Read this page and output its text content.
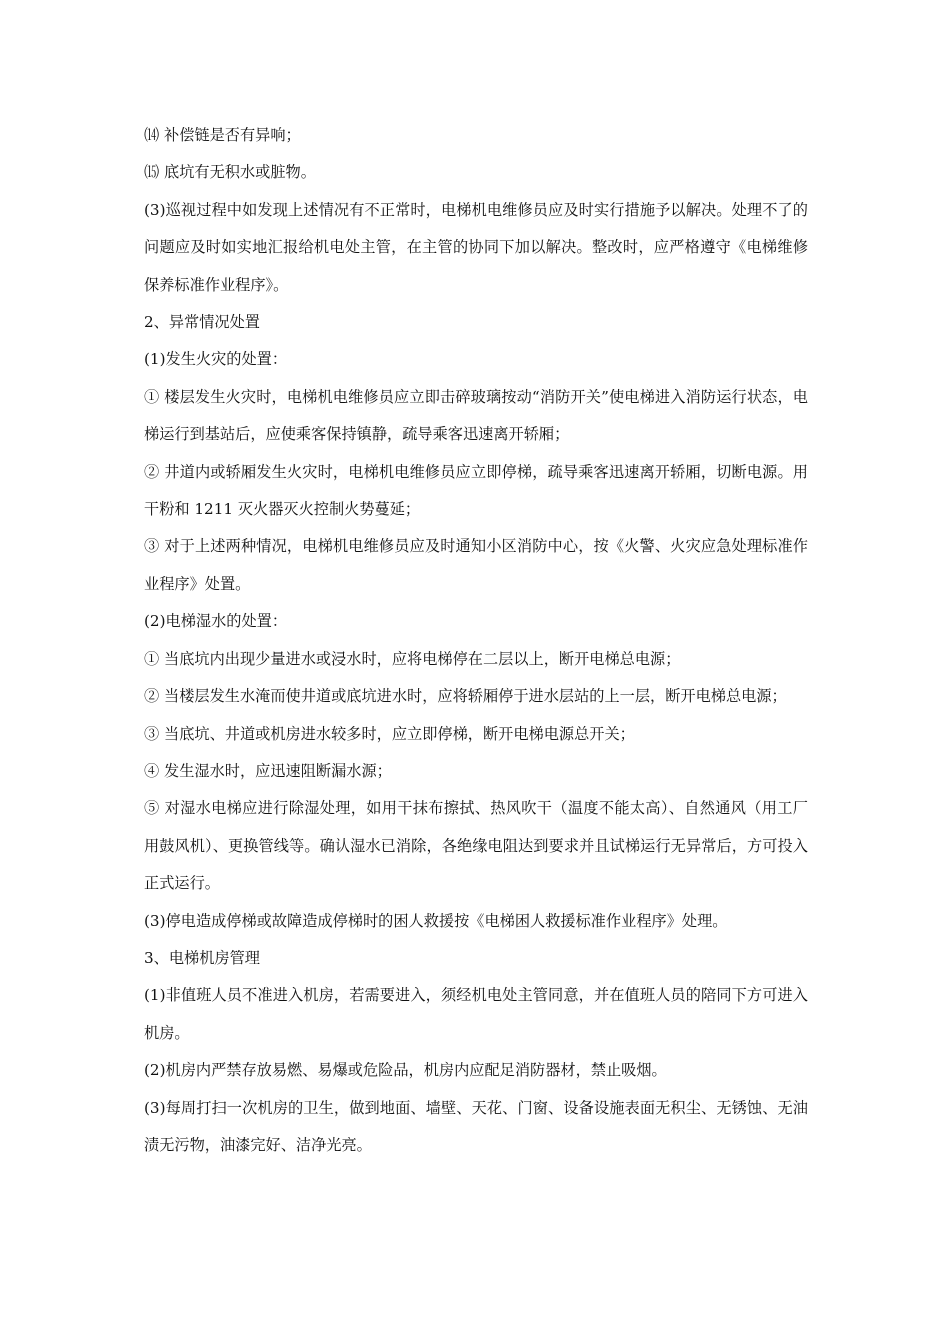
⒁ 补偿链是否有异响；

⒂ 底坑有无积水或脏物。

(3)巡视过程中如发现上述情况有不正常时，电梯机电维修员应及时实行措施予以解决。处理不了的问题应及时如实地汇报给机电处主管，在主管的协同下加以解决。整改时，应严格遵守《电梯维修保养标准作业程序》。

2、异常情况处置

(1)发生火灾的处置：

① 楼层发生火灾时，电梯机电维修员应立即击碎玻璃按动“消防开关”使电梯进入消防运行状态，电梯运行到基站后，应使乘客保持镇静，疏导乘客迅速离开轿厢；

② 井道内或轿厢发生火灾时，电梯机电维修员应立即停梯，疏导乘客迅速离开轿厢，切断电源。用干粉和 1211 灭火器灭火控制火势蔓延；

③ 对于上述两种情况，电梯机电维修员应及时通知小区消防中心，按《火警、火灾应急处理标准作业程序》处置。

(2)电梯湿水的处置：

① 当底坑内出现少量进水或浸水时，应将电梯停在二层以上，断开电梯总电源；

② 当楼层发生水淹而使井道或底坑进水时，应将轿厢停于进水层站的上一层，断开电梯总电源；

③ 当底坑、井道或机房进水较多时，应立即停梯，断开电梯电源总开关；

④ 发生湿水时，应迅速阻断漏水源；

⑤ 对湿水电梯应进行除湿处理，如用干抹布擦拭、热风吹干（温度不能太高）、自然通风（用工厂用鼓风机）、更换管线等。确认湿水已消除，各绝缘电阻达到要求并且试梯运行无异常后，方可投入正式运行。

(3)停电造成停梯或故障造成停梯时的困人救援按《电梯困人救援标准作业程序》处理。

3、电梯机房管理

(1)非值班人员不准进入机房，若需要进入，须经机电处主管同意，并在值班人员的陪同下方可进入机房。

(2)机房内严禁存放易燃、易爆或危险品，机房内应配足消防器材，禁止吸烟。

(3)每周打扫一次机房的卫生，做到地面、墙壁、天花、门窗、设备设施表面无积尘、无锈蚀、无油渍无污物，油漆完好、洁净光亮。
